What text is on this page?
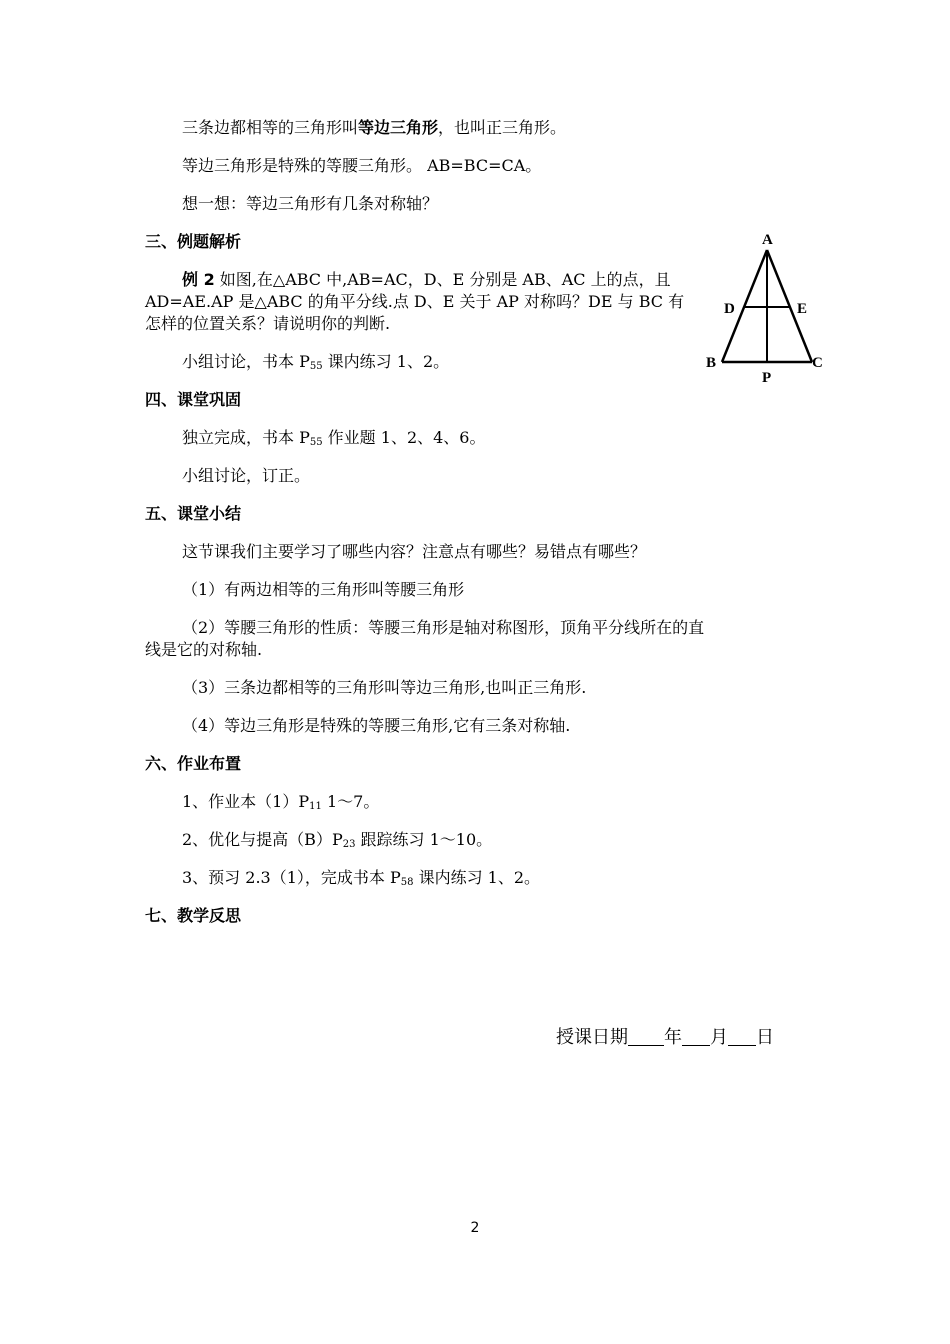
三条边都相等的三角形叫等边三角形，也叫正三角形。
等边三角形是特殊的等腰三角形。 AB=BC=CA。
想一想：等边三角形有几条对称轴？
三、例题解析
例 2 如图,在△ABC 中,AB=AC，D、E 分别是 AB、AC 上的点，且
AD=AE.AP 是△ABC 的角平分线.点 D、E 关于 AP 对称吗？DE 与 BC 有
怎样的位置关系？请说明你的判断.
小组讨论，书本 $P_{55}$ 课内练习 1、2。
A
D	E
B	C
P
四、课堂巩固
独立完成，书本 $P_{55}$ 作业题 1、2、4、6。
小组讨论，订正。
五、课堂小结
这节课我们主要学习了哪些内容？注意点有哪些？易错点有哪些？
（1）有两边相等的三角形叫等腰三角形
（2）等腰三角形的性质：等腰三角形是轴对称图形，顶角平分线所在的直
线是它的对称轴.
（3）三条边都相等的三角形叫等边三角形,也叫正三角形.
（4）等边三角形是特殊的等腰三角形,它有三条对称轴.
六、作业布置
1、作业本$(1)P_{11}$ 1～7。
2、优化与提高$(B)P_{23}$ 跟踪练习 1～10。
3、预习 2.3（1），完成书本 $P_{58}$ 课内练习 1、2。
七、教学反思
授课日期 年 月 日
2
